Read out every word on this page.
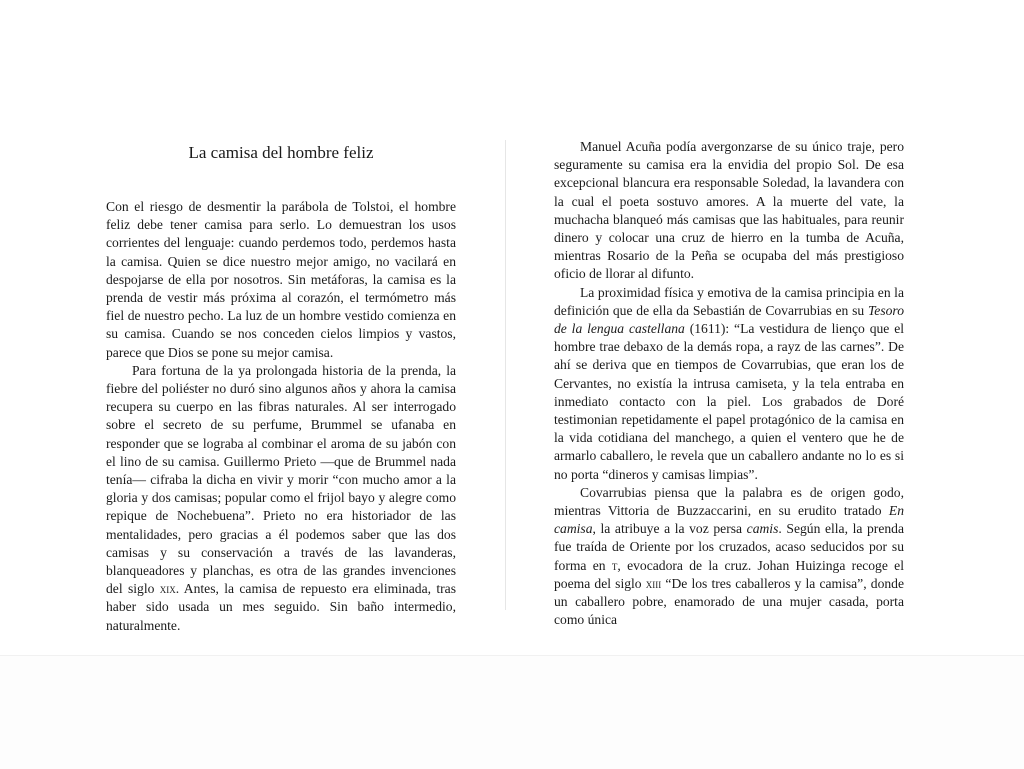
La camisa del hombre feliz

Con el riesgo de desmentir la parábola de Tolstoi, el hombre feliz debe tener camisa para serlo. Lo demuestran los usos corrientes del lenguaje: cuando perdemos todo, perdemos hasta la camisa. Quien se dice nuestro mejor amigo, no vacilará en despojarse de ella por nosotros. Sin metáforas, la camisa es la prenda de vestir más próxima al corazón, el termómetro más fiel de nuestro pecho. La luz de un hombre vestido comienza en su camisa. Cuando se nos conceden cielos limpios y vastos, parece que Dios se pone su mejor camisa.

Para fortuna de la ya prolongada historia de la prenda, la fiebre del poliéster no duró sino algunos años y ahora la camisa recupera su cuerpo en las fibras naturales. Al ser interrogado sobre el secreto de su perfume, Brummel se ufanaba en responder que se lograba al combinar el aroma de su jabón con el lino de su camisa. Guillermo Prieto —que de Brummel nada tenía— cifraba la dicha en vivir y morir “con mucho amor a la gloria y dos camisas; popular como el frijol bayo y alegre como repique de Nochebuena”. Prieto no era historiador de las mentalidades, pero gracias a él podemos saber que las dos camisas y su conservación a través de las lavanderas, blanqueadores y planchas, es otra de las grandes invenciones del siglo xix. Antes, la camisa de repuesto era eliminada, tras haber sido usada un mes seguido. Sin baño intermedio, naturalmente.

Manuel Acuña podía avergonzarse de su único traje, pero seguramente su camisa era la envidia del propio Sol. De esa excepcional blancura era responsable Soledad, la lavandera con la cual el poeta sostuvo amores. A la muerte del vate, la muchacha blanqueó más camisas que las habituales, para reunir dinero y colocar una cruz de hierro en la tumba de Acuña, mientras Rosario de la Peña se ocupaba del más prestigioso oficio de llorar al difunto.

La proximidad física y emotiva de la camisa principia en la definición que de ella da Sebastián de Covarrubias en su Tesoro de la lengua castellana (1611): “La vestidura de lienço que el hombre trae debaxo de la demás ropa, a rayz de las carnes”. De ahí se deriva que en tiempos de Covarrubias, que eran los de Cervantes, no existía la intrusa camiseta, y la tela entraba en inmediato contacto con la piel. Los grabados de Doré testimonian repetidamente el papel protagónico de la camisa en la vida cotidiana del manchego, a quien el ventero que he de armarlo caballero, le revela que un caballero andante no lo es si no porta “dineros y camisas limpias”.

Covarrubias piensa que la palabra es de origen godo, mientras Vittoria de Buzzaccarini, en su erudito tratado En camisa, la atribuye a la voz persa camis. Según ella, la prenda fue traída de Oriente por los cruzados, acaso seducidos por su forma en t, evocadora de la cruz. Johan Huizinga recoge el poema del siglo xiii “De los tres caballeros y la camisa”, donde un caballero pobre, enamorado de una mujer casada, porta como única
